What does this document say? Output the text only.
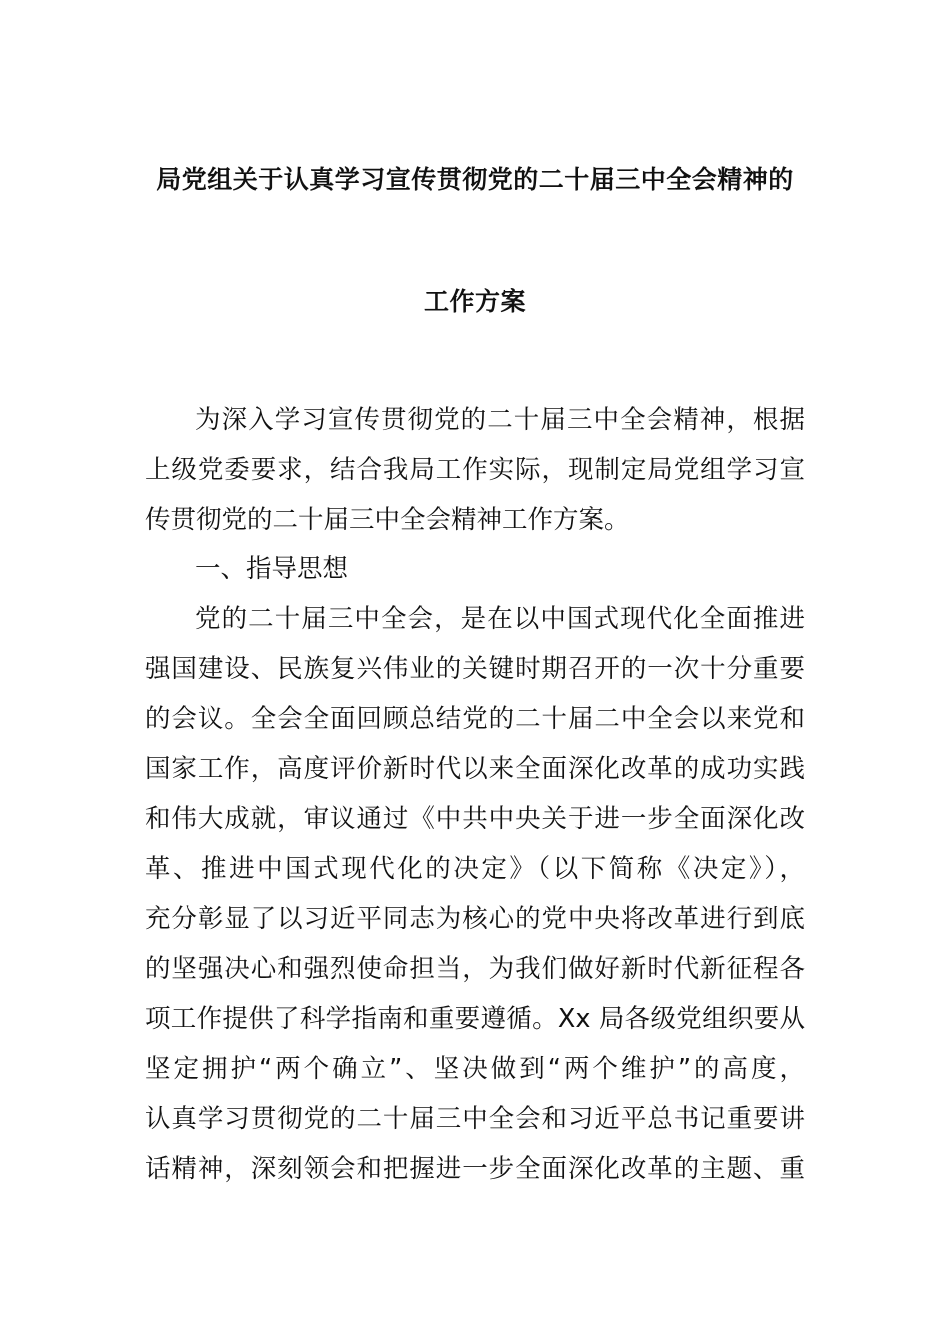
局党组关于认真学习宣传贯彻党的二十届三中全会精神的
工作方案
为深入学习宣传贯彻党的二十届三中全会精神，根据
上级党委要求，结合我局工作实际，现制定局党组学习宣
传贯彻党的二十届三中全会精神工作方案。
一、指导思想
党的二十届三中全会，是在以中国式现代化全面推进
强国建设、民族复兴伟业的关键时期召开的一次十分重要
的会议。全会全面回顾总结党的二十届二中全会以来党和
国家工作，高度评价新时代以来全面深化改革的成功实践
和伟大成就，审议通过《中共中央关于进一步全面深化改
革、推进中国式现代化的决定》（以下简称《决定》），
充分彰显了以习近平同志为核心的党中央将改革进行到底
的坚强决心和强烈使命担当，为我们做好新时代新征程各
项工作提供了科学指南和重要遵循。Xx 局各级党组织要从
坚定拥护“两个确立”、坚决做到“两个维护”的高度，
认真学习贯彻党的二十届三中全会和习近平总书记重要讲
话精神，深刻领会和把握进一步全面深化改革的主题、重
